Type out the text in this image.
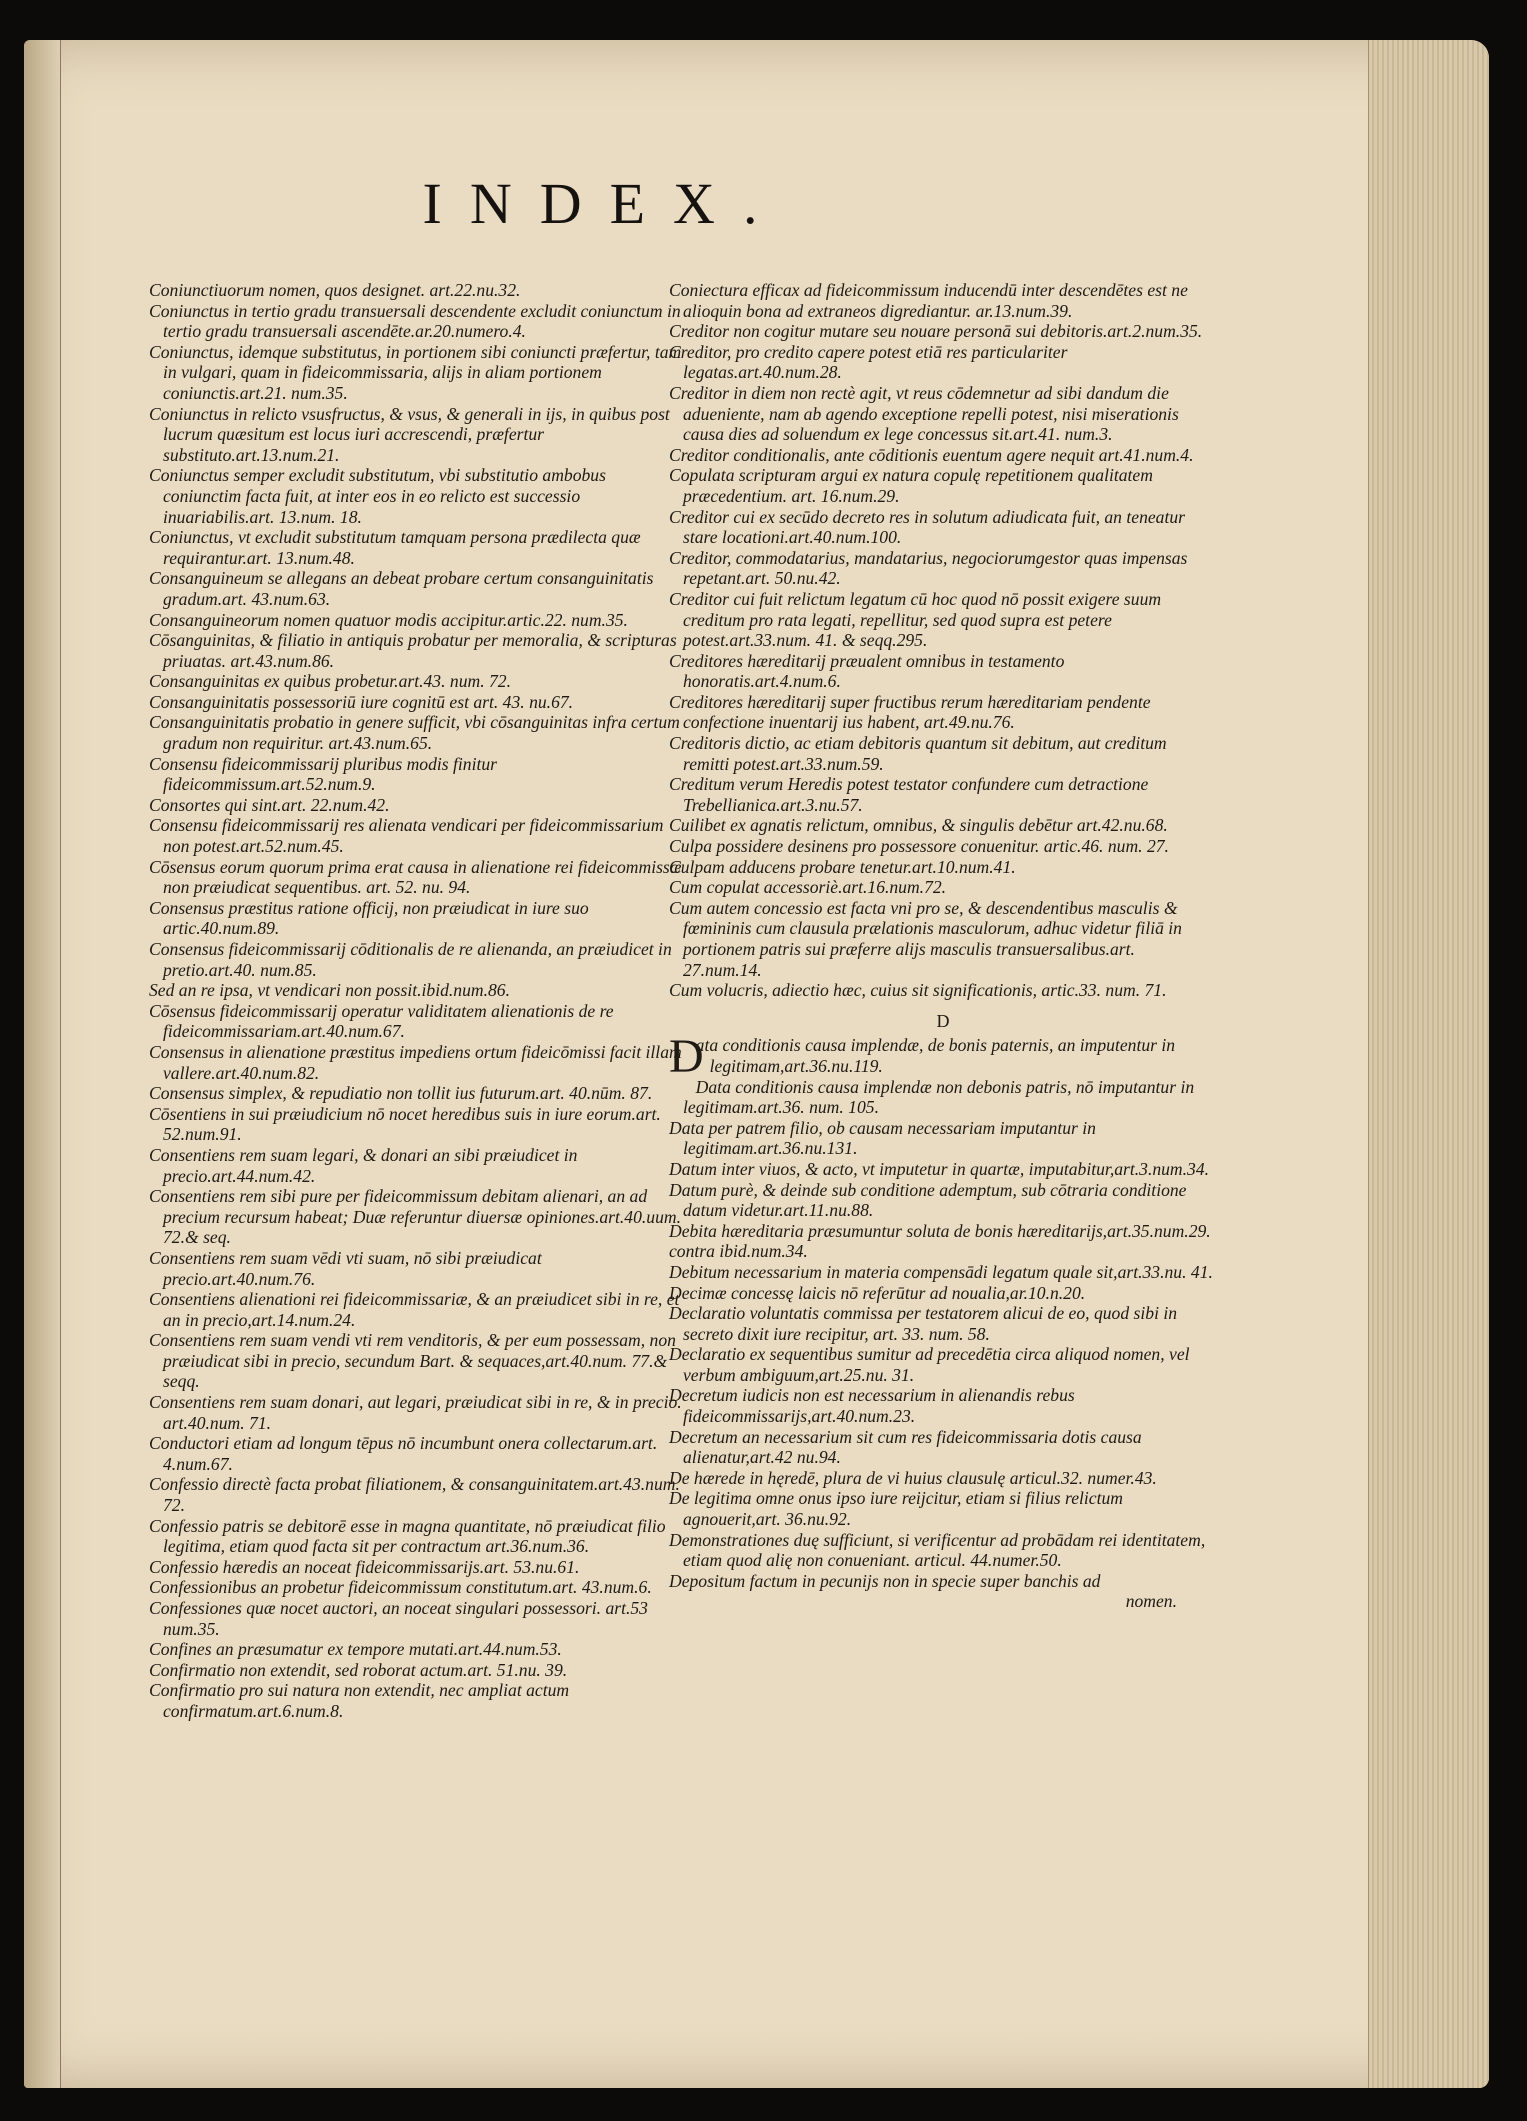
INDEX.
Coniunctiuorum nomen, quos designet. art.22.nu.32.
Coniunctus in tertio gradu transuersali descendente excludit coniunctum in tertio gradu transuersali ascendēte.ar.20.numero.4.
Coniunctus, idemque substitutus, in portionem sibi coniuncti præfertur, tam in vulgari, quam in fideicommissaria, alijs in aliam portionem coniunctis.art.21. num.35.
Coniunctus in relicto vsusfructus, & vsus, & generali in ijs, in quibus post lucrum quæsitum est locus iuri accrescendi, præfertur substituto.art.13.num.21.
Coniunctus semper excludit substitutum, vbi substitutio ambobus coniunctim facta fuit, at inter eos in eo relicto est successio inuariabilis.art. 13.num. 18.
Coniunctus, vt excludit substitutum tamquam persona prædilecta quæ requirantur.art. 13.num.48.
Consanguineum se allegans an debeat probare certum consanguinitatis gradum.art. 43.num.63.
Consanguineorum nomen quatuor modis accipitur.artic.22. num.35.
Cōsanguinitas, & filiatio in antiquis probatur per memoralia, & scripturas priuatas. art.43.num.86.
Consanguinitas ex quibus probetur.art.43. num. 72.
Consanguinitatis possessoriū iure cognitū est art. 43. nu.67.
Consanguinitatis probatio in genere sufficit, vbi cōsanguinitas infra certum gradum non requiritur. art.43.num.65.
Consensu fideicommissarij pluribus modis finitur fideicommissum.art.52.num.9.
Consortes qui sint.art. 22.num.42.
Consensu fideicommissarij res alienata vendicari per fideicommissarium non potest.art.52.num.45.
Cōsensus eorum quorum prima erat causa in alienatione rei fideicommissæ non præiudicat sequentibus. art. 52. nu. 94.
Consensus præstitus ratione officij, non præiudicat in iure suo artic.40.num.89.
Consensus fideicommissarij cōditionalis de re alienanda, an præiudicet in pretio.art.40. num.85.
Sed an re ipsa, vt vendicari non possit.ibid.num.86.
Cōsensus fideicommissarij operatur validitatem alienationis de re fideicommissariam.art.40.num.67.
Consensus in alienatione præstitus impediens ortum fideicōmissi facit illam vallere.art.40.num.82.
Consensus simplex, & repudiatio non tollit ius futurum.art. 40.nūm. 87.
Cōsentiens in sui præiudicium nō nocet heredibus suis in iure eorum.art. 52.num.91.
Consentiens rem suam legari, & donari an sibi præiudicet in precio.art.44.num.42.
Consentiens rem sibi pure per fideicommissum debitam alienari, an ad precium recursum habeat; Duæ referuntur diuersæ opiniones.art.40.uum. 72.& seq.
Consentiens rem suam vēdi vti suam, nō sibi præiudicat precio.art.40.num.76.
Consentiens alienationi rei fideicommissariæ, & an præiudicet sibi in re, et an in precio,art.14.num.24.
Consentiens rem suam vendi vti rem venditoris, & per eum possessam, non præiudicat sibi in precio, secundum Bart. & sequaces,art.40.num. 77.& seqq.
Consentiens rem suam donari, aut legari, præiudicat sibi in re, & in precio. art.40.num. 71.
Conductori etiam ad longum tēpus nō incumbunt onera collectarum.art. 4.num.67.
Confessio directè facta probat filiationem, & consanguinitatem.art.43.num. 72.
Confessio patris se debitorē esse in magna quantitate, nō præiudicat filio legitima, etiam quod facta sit per contractum art.36.num.36.
Confessio hæredis an noceat fideicommissarijs.art. 53.nu.61.
Confessionibus an probetur fideicommissum constitutum.art. 43.num.6.
Confessiones quæ nocet auctori, an noceat singulari possessori. art.53 num.35.
Confines an præsumatur ex tempore mutati.art.44.num.53.
Confirmatio non extendit, sed roborat actum.art. 51.nu. 39.
Confirmatio pro sui natura non extendit, nec ampliat actum confirmatum.art.6.num.8.
Coniectura efficax ad fideicommissum inducendū inter descendētes est ne alioquin bona ad extraneos digrediantur. ar.13.num.39.
Creditor non cogitur mutare seu nouare personā sui debitoris.art.2.num.35.
Creditor, pro credito capere potest etiā res particulariter legatas.art.40.num.28.
Creditor in diem non rectè agit, vt reus cōdemnetur ad sibi dandum die adueniente, nam ab agendo exceptione repelli potest, nisi miserationis causa dies ad soluendum ex lege concessus sit.art.41. num.3.
Creditor conditionalis, ante cōditionis euentum agere nequit art.41.num.4.
Copulata scripturam argui ex natura copulę repetitionem qualitatem præcedentium. art. 16.num.29.
Creditor cui ex secūdo decreto res in solutum adiudicata fuit, an teneatur stare locationi.art.40.num.100.
Creditor, commodatarius, mandatarius, negociorumgestor quas impensas repetant.art. 50.nu.42.
Creditor cui fuit relictum legatum cū hoc quod nō possit exigere suum creditum pro rata legati, repellitur, sed quod supra est petere potest.art.33.num. 41. & seqq.295.
Creditores hæreditarij præualent omnibus in testamento honoratis.art.4.num.6.
Creditores hæreditarij super fructibus rerum hæreditariam pendente confectione inuentarij ius habent, art.49.nu.76.
Creditoris dictio, ac etiam debitoris quantum sit debitum, aut creditum remitti potest.art.33.num.59.
Creditum verum Heredis potest testator confundere cum detractione Trebellianica.art.3.nu.57.
Cuilibet ex agnatis relictum, omnibus, & singulis debētur art.42.nu.68.
Culpa possidere desinens pro possessore conuenitur. artic.46. num. 27.
Culpam adducens probare tenetur.art.10.num.41.
Cum copulat accessoriè.art.16.num.72.
Cum autem concessio est facta vni pro se, & descendentibus masculis & fœmininis cum clausula prælationis masculorum, adhuc videtur filiā in portionem patris sui præferre alijs masculis transuersalibus.art. 27.num.14.
Cum volucris, adiectio hæc, cuius sit significationis, artic.33. num. 71.
D
Data conditionis causa implendæ, de bonis paternis, an imputentur in legitimam,art.36.nu.119.
Data conditionis causa implendæ non debonis patris, nō imputantur in legitimam.art.36. num. 105.
Data per patrem filio, ob causam necessariam imputantur in legitimam.art.36.nu.131.
Datum inter viuos, & acto, vt imputetur in quartæ, imputabitur,art.3.num.34.
Datum purè, & deinde sub conditione ademptum, sub cōtraria conditione datum videtur.art.11.nu.88.
Debita hæreditaria præsumuntur soluta de bonis hæreditarijs,art.35.num.29.
contra ibid.num.34.
Debitum necessarium in materia compensādi legatum quale sit,art.33.nu. 41.
Decimæ concessę laicis nō referūtur ad noualia,ar.10.n.20.
Declaratio voluntatis commissa per testatorem alicui de eo, quod sibi in secreto dixit iure recipitur, art. 33. num. 58.
Declaratio ex sequentibus sumitur ad precedētia circa aliquod nomen, vel verbum ambiguum,art.25.nu. 31.
Decretum iudicis non est necessarium in alienandis rebus fideicommissarijs,art.40.num.23.
Decretum an necessarium sit cum res fideicommissaria dotis causa alienatur,art.42 nu.94.
De hærede in hęredē, plura de vi huius clausulę articul.32. numer.43.
De legitima omne onus ipso iure reijcitur, etiam si filius relictum agnouerit,art. 36.nu.92.
Demonstrationes duę sufficiunt, si verificentur ad probādam rei identitatem, etiam quod alię non conueniant. articul. 44.numer.50.
Depositum factum in pecunijs non in specie super banchis ad
nomen.
